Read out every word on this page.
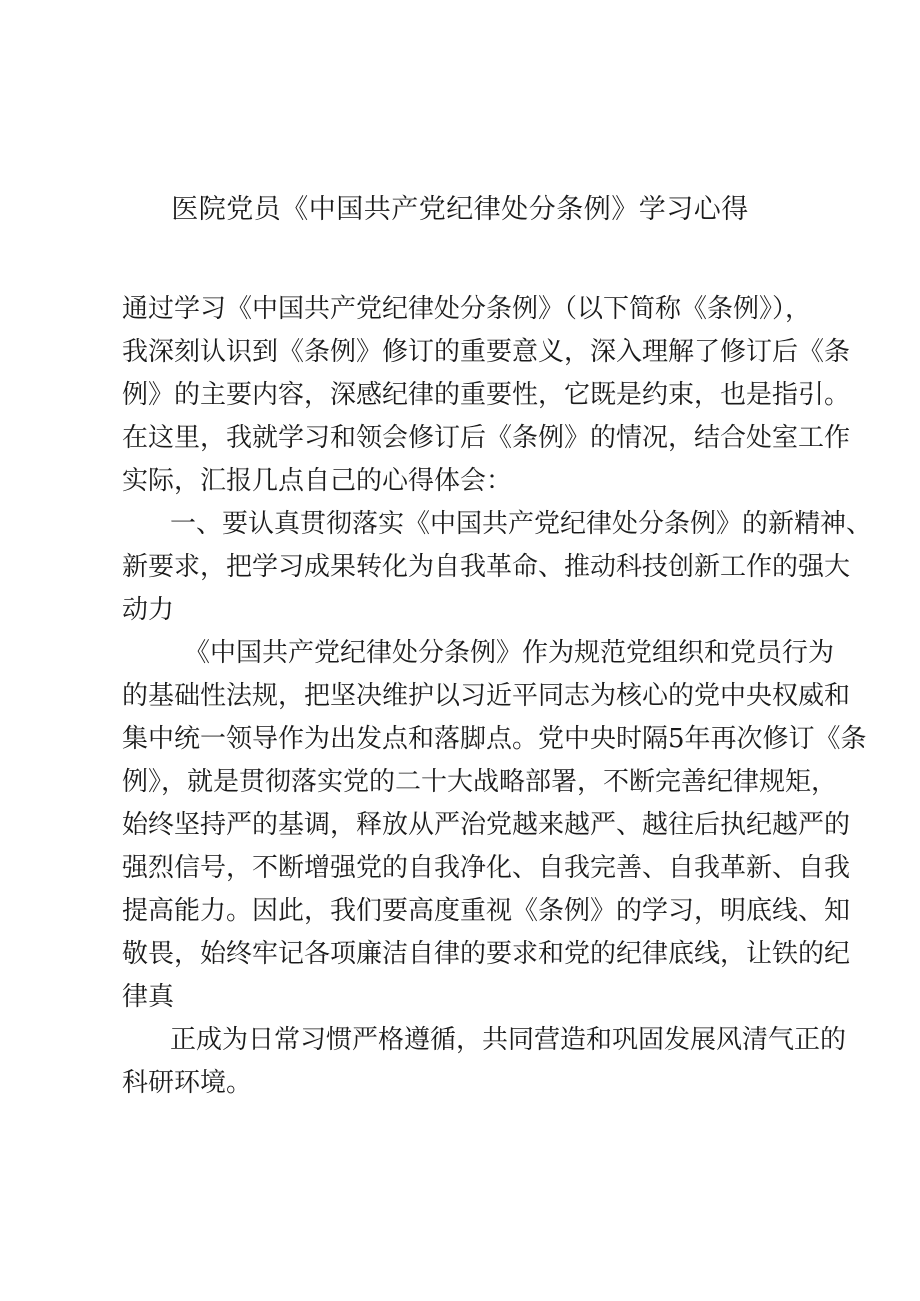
医院党员《中国共产党纪律处分条例》学习心得

通过学习《中国共产党纪律处分条例》（以下简称《条例》），
我深刻认识到《条例》修订的重要意义，深入理解了修订后《条
例》的主要内容，深感纪律的重要性，它既是约束，也是指引。
在这里，我就学习和领会修订后《条例》的情况，结合处室工作
实际，汇报几点自己的心得体会：

一、要认真贯彻落实《中国共产党纪律处分条例》的新精神、
新要求，把学习成果转化为自我革命、推动科技创新工作的强大
动力

《中国共产党纪律处分条例》作为规范党组织和党员行为
的基础性法规，把坚决维护以习近平同志为核心的党中央权威和
集中统一领导作为出发点和落脚点。党中央时隔5年再次修订《条
例》，就是贯彻落实党的二十大战略部署，不断完善纪律规矩，
始终坚持严的基调，释放从严治党越来越严、越往后执纪越严的
强烈信号，不断增强党的自我净化、自我完善、自我革新、自我
提高能力。因此，我们要高度重视《条例》的学习，明底线、知
敬畏，始终牢记各项廉洁自律的要求和党的纪律底线，让铁的纪
律真

正成为日常习惯严格遵循，共同营造和巩固发展风清气正的
科研环境。
